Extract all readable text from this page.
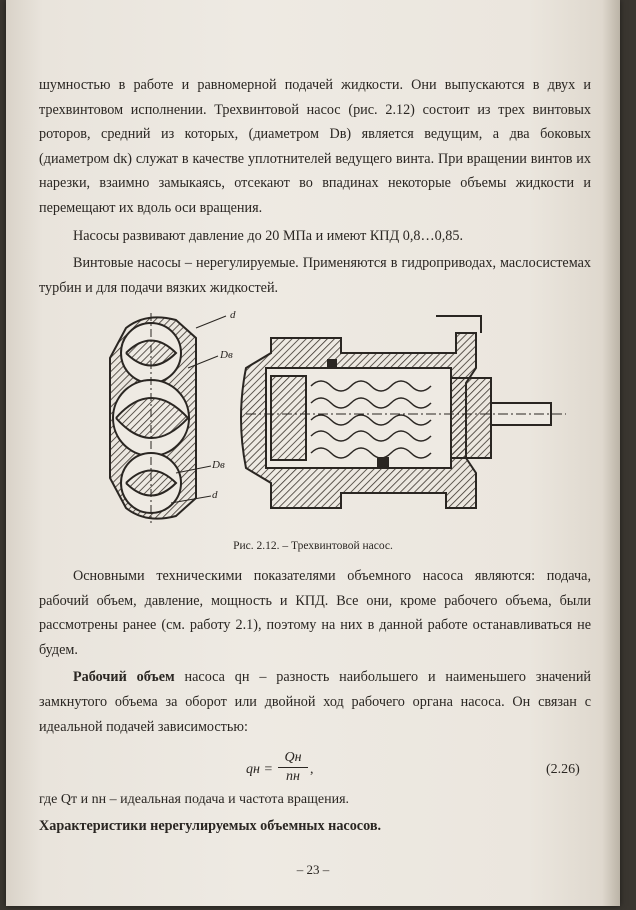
шумностью в работе и равномерной подачей жидкости. Они выпускаются в двух и трехвинтовом исполнении. Трехвинтовой насос (рис. 2.12) состоит из трех винтовых роторов, средний из которых, (диаметром Dв) является ведущим, а два боковых (диаметром dк) служат в качестве уплотнителей ведущего винта. При вращении винтов их нарезки, взаимно замыкаясь, отсекают во впадинах некоторые объемы жидкости и перемещают их вдоль оси вращения.

Насосы развивают давление до 20 МПа и имеют КПД 0,8…0,85.

Винтовые насосы – нерегулируемые. Применяются в гидроприводах, маслосистемах турбин и для подачи вязких жидкостей.

d
Dв
Dв
d
Рис. 2.12. – Трехвинтовой насос.

Основными техническими показателями объемного насоса являются: подача, рабочий объем, давление, мощность и КПД. Все они, кроме рабочего объема, были рассмотрены ранее (см. работу 2.1), поэтому на них в данной работе останавливаться не будем.

Рабочий объем насоса qн – разность наибольшего и наименьшего значений замкнутого объема за оборот или двойной ход рабочего органа насоса. Он связан с идеальной подачей зависимостью:

qн =
Qн
nн ,	(2.26)
где Qт и nн – идеальная подача и частота вращения.
Характеристики нерегулируемых объемных насосов.
– 23 –
